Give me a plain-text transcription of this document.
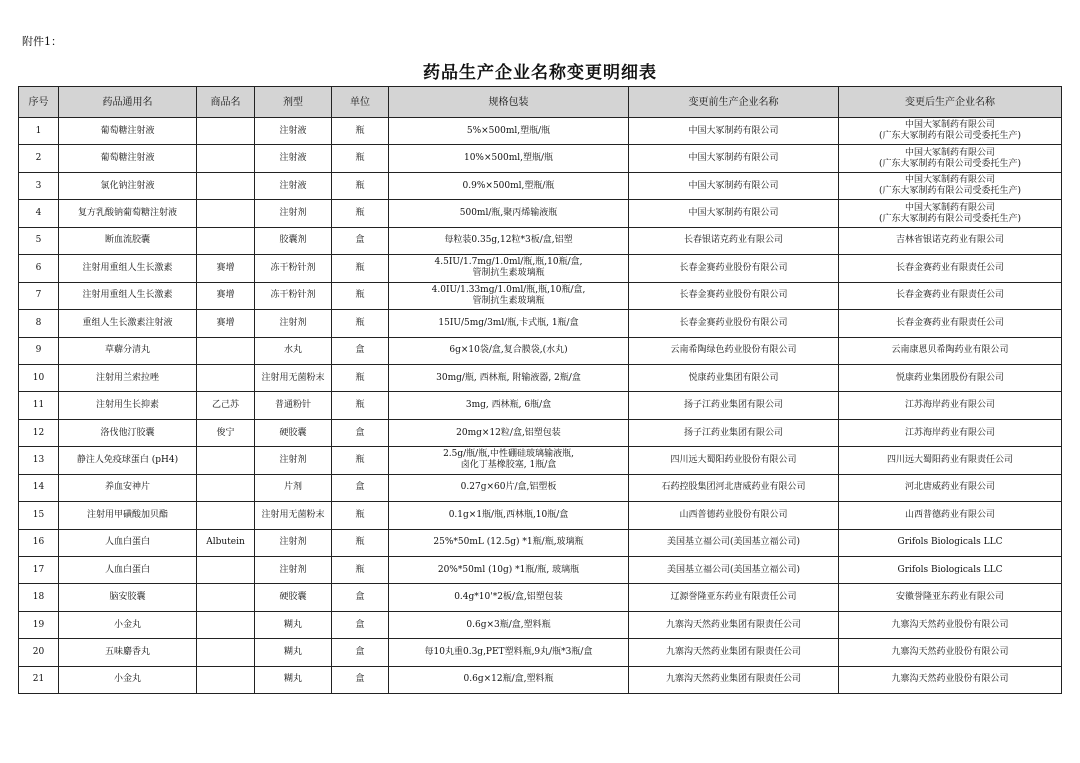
附件1：
药品生产企业名称变更明细表
序号	药品通用名	商品名	剂型	单位	规格包装	变更前生产企业名称	变更后生产企业名称
1	葡萄糖注射液		注射液	瓶	5%×500ml,塑瓶/瓶	中国大冢制药有限公司	中国大冢制药有限公司
(广东大冢制药有限公司受委托生产)

2	葡萄糖注射液		注射液	瓶	10%×500ml,塑瓶/瓶	中国大冢制药有限公司	中国大冢制药有限公司
(广东大冢制药有限公司受委托生产)

3	氯化钠注射液		注射液	瓶	0.9%×500ml,塑瓶/瓶	中国大冢制药有限公司	中国大冢制药有限公司
(广东大冢制药有限公司受委托生产)

4	复方乳酸钠葡萄糖注射液		注射剂	瓶	500ml/瓶,聚丙烯输液瓶	中国大冢制药有限公司	中国大冢制药有限公司
(广东大冢制药有限公司受委托生产)

5	断血流胶囊		胶囊剂	盒	每粒装0.35g,12粒*3板/盒,铝塑	长春银诺克药业有限公司	吉林省银诺克药业有限公司

6	注射用重组人生长激素	赛增	冻干粉针剂	瓶	4.5IU/1.7mg/1.0ml/瓶,瓶,10瓶/盒,
管制抗生素玻璃瓶	长春金赛药业股份有限公司	长春金赛药业有限责任公司

7	注射用重组人生长激素	赛增	冻干粉针剂	瓶	4.0IU/1.33mg/1.0ml/瓶,瓶,10瓶/盒,
管制抗生素玻璃瓶	长春金赛药业股份有限公司	长春金赛药业有限责任公司

8	重组人生长激素注射液	赛增	注射剂	瓶	15IU/5mg/3ml/瓶,卡式瓶, 1瓶/盒	长春金赛药业股份有限公司	长春金赛药业有限责任公司

9	草薢分清丸		水丸	盒	6g×10袋/盒,复合膜袋,(水丸)	云南希陶绿色药业股份有限公司	云南康恩贝希陶药业有限公司

10	注射用兰索拉唑		注射用无菌粉末	瓶	30mg/瓶, 西林瓶, 附输液器, 2瓶/盒	悦康药业集团有限公司	悦康药业集团股份有限公司

11	注射用生长抑素	乙己苏	普通粉针	瓶	3mg, 西林瓶, 6瓶/盒	扬子江药业集团有限公司	江苏海岸药业有限公司

12	洛伐他汀胶囊	俊宁	硬胶囊	盒	20mg×12粒/盒,铝塑包装	扬子江药业集团有限公司	江苏海岸药业有限公司

13	静注人免疫球蛋白 (pH4)		注射剂	瓶	2.5g/瓶/瓶,中性硼硅玻璃输液瓶,
卤化丁基橡胶塞, 1瓶/盒	四川远大蜀阳药业股份有限公司	四川远大蜀阳药业有限责任公司

14	养血安神片		片剂	盒	0.27g×60片/盒,铝塑板	石药控股集团河北唐威药业有限公司	河北唐威药业有限公司

15	注射用甲磺酸加贝酯		注射用无菌粉末	瓶	0.1g×1瓶/瓶,西林瓶,10瓶/盒	山西普德药业股份有限公司	山西普德药业有限公司

16	人血白蛋白	Albutein	注射剂	瓶	25%*50mL (12.5g) *1瓶/瓶,玻璃瓶	美国基立福公司(美国基立福公司)	Grifols Biologicals LLC

17	人血白蛋白		注射剂	瓶	20%*50ml (10g) *1瓶/瓶, 玻璃瓶	美国基立福公司(美国基立福公司)	Grifols Biologicals LLC

18	脑安胶囊		硬胶囊	盒	0.4g*10'*2板/盒,铝塑包装	辽源誉隆亚东药业有限责任公司	安徽誉隆亚东药业有限公司

19	小金丸		糊丸	盒	0.6g×3瓶/盒,塑料瓶	九寨沟天然药业集团有限责任公司	九寨沟天然药业股份有限公司

20	五味麝香丸		糊丸	盒	每10丸重0.3g,PET塑料瓶,9丸/瓶*3瓶/盒	九寨沟天然药业集团有限责任公司	九寨沟天然药业股份有限公司

21	小金丸		糊丸	盒	0.6g×12瓶/盒,塑料瓶	九寨沟天然药业集团有限责任公司	九寨沟天然药业股份有限公司
